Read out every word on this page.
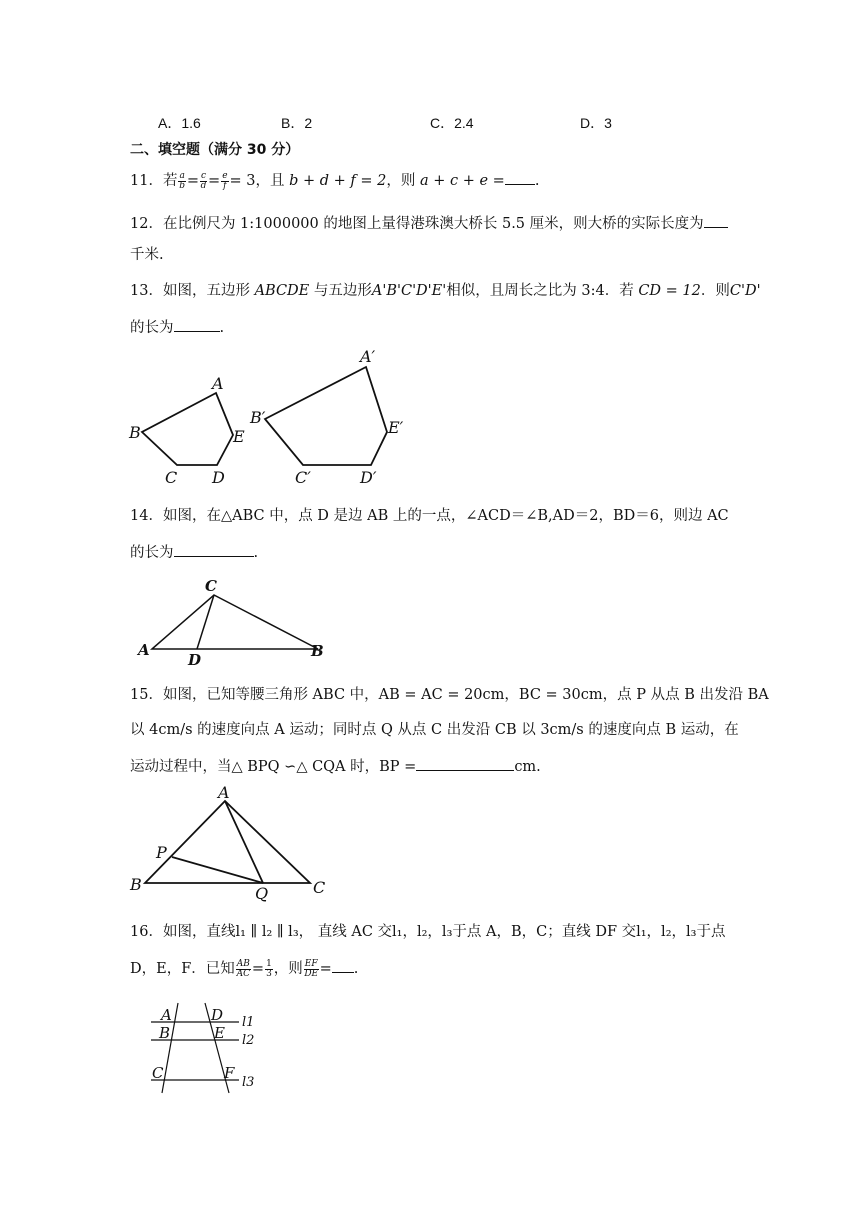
A．1.6	B．2	C．2.4	D．3
二、填空题（满分 30 分）
11．若 $\frac{a}{b} = \frac{c}{d} = \frac{e}{f} = 3$，且 b + d + f = 2，则 a + c + e = .
12．在比例尺为 1:1000000 的地图上量得港珠澳大桥长 5.5 厘米，则大桥的实际长度为
千米.
13．如图，五边形 ABCDE 与五边形A'B'C'D'E'相似，且周长之比为 3:4．若 CD = 12．则C'D'
的长为	.
A
B
C D
E
A′
B′
C′	D′
E′
14．如图，在△ABC 中，点 D 是边 AB 上的一点，∠ACD＝∠B,AD＝2，BD＝6，则边 AC
的长为	.
A	B
C
D
15．如图，已知等腰三角形 ABC 中，AB = AC = 20cm，BC = 30cm，点 P 从点 B 出发沿 BA
以 4cm/s 的速度向点 A 运动；同时点 Q 从点 C 出发沿 CB 以 3cm/s 的速度向点 B 运动，在
运动过程中，当△ BPQ ∽△ CQA 时，BP =	cm.
A
B	C
P
Q
16．如图，直线l₁ ∥ l₂ ∥ l₃， 直线 AC 交l₁，l₂，l₃于点 A，B，C；直线 DF 交l₁，l₂，l₃于点
D，E，F．已知 $\frac{AB}{AC} = \frac{1}{3}$ ，则 $\frac{EF}{DE}$ = .
A
B
C
D
E
F
l1
l2
l3
